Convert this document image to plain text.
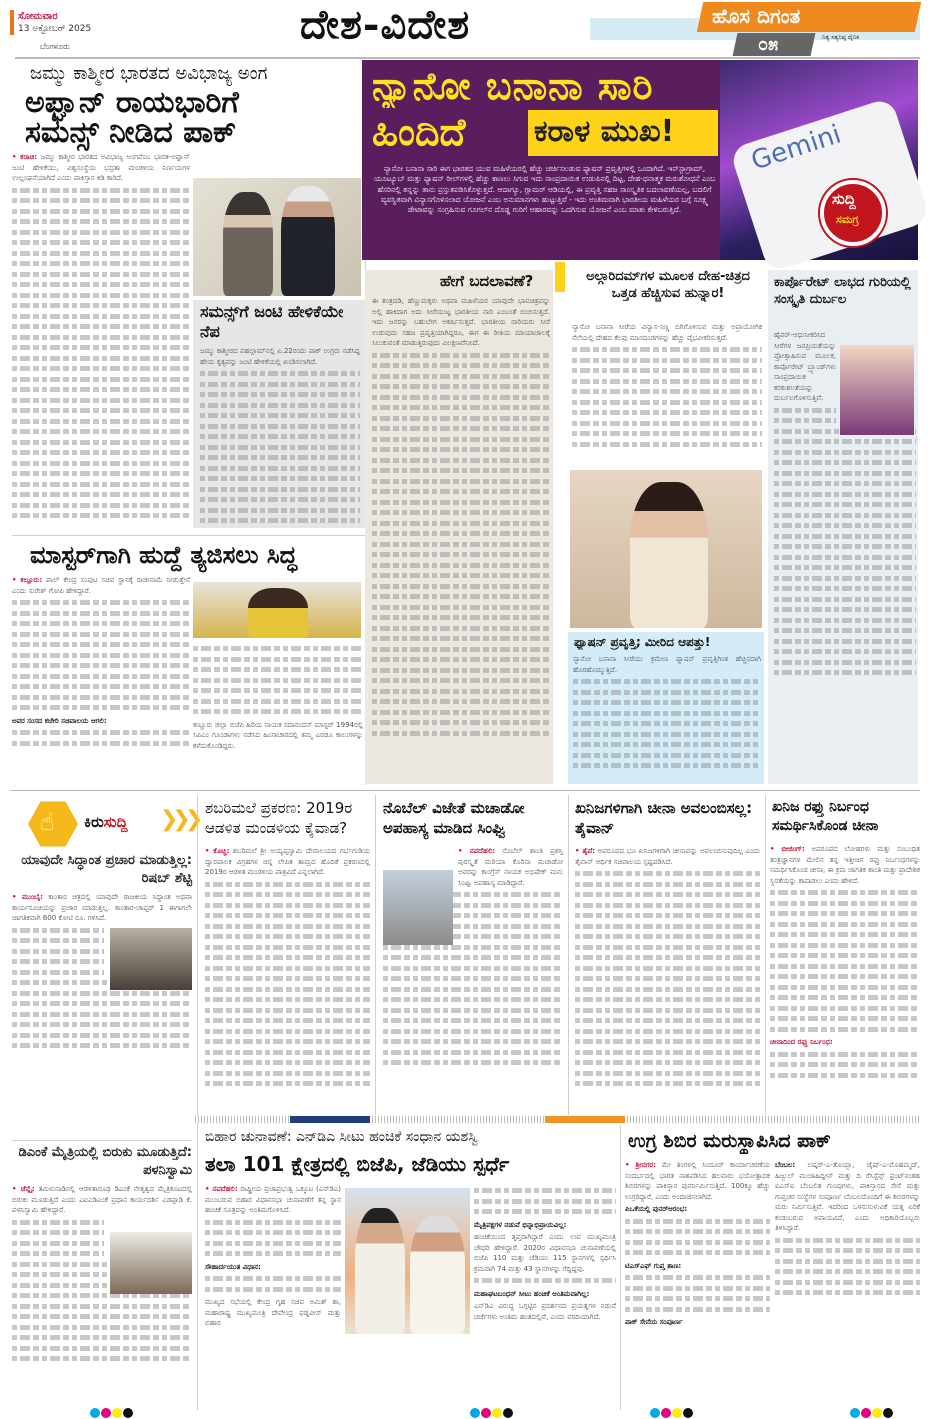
ಸೋಮವಾರ
13 ಅಕ್ಟೋಬರ್ 2025
ಬೆಂಗಳೂರು	ದೇಶ-ವಿದೇಶ	ಹೊಸ ದಿಗಂತ
೦೫	ನಿತ್ಯ ಸತ್ಯನಿಷ್ಠ ದೈನಿಕ
ಜಮ್ಮು ಕಾಶ್ಮೀರ ಭಾರತದ ಅವಿಭಾಜ್ಯ ಅಂಗ
ಅಫ್ಘಾನ್ ರಾಯಭಾರಿಗೆ
ಸಮನ್ಸ್ ನೀಡಿದ ಪಾಕ್

• ಕರಾಚಿ: ಜಮ್ಮು ಕಾಶ್ಮೀರ ಭಾರತದ ಅವಿಭಾಜ್ಯ ಅಂಗವೆಂಬ ಭಾರತ-ಅಫ್ಘಾನ್ ಜಂಟಿ ಹೇಳಿಕೆಯು, ವಿಶ್ವಸಂಸ್ಥೆಯ ಭದ್ರತಾ ಮಂಡಳಿಯ ನಿರ್ಣಯಗಳ ಉಲ್ಲಂಘನೆಯಾಗಿದೆ ಎಂದು ಪಾಕಿಸ್ತಾನ ಕಿಡಿ ಕಾರಿದೆ.

ಸಮನ್ಸ್‌ಗೆ ಜಂಟಿ ಹೇಳಿಕೆಯೇ ನೆಪ

ಜಮ್ಮು ಕಾಶ್ಮೀರದ ಪಹಲ್ಗಾಮ್‌ನಲ್ಲಿ ಏ.22ರಂದು ಪಾಕ್ ಉಗ್ರರು ನಡೆಸಿದ್ದ ಹೇಯ ಕೃತ್ಯವನ್ನು ಜಂಟಿ ಹೇಳಿಕೆಯಲ್ಲಿ ಖಂಡಿಸಲಾಗಿದೆ.

Gemini
ನ್ಯಾನೋ ಬನಾನಾ ಸಾರಿ
ಹಿಂದಿದೆ ಕರಾಳ ಮುಖ!
ನ್ಯಾನೋ ಬನಾನಾ ಸಾರಿ ಈಗ ಭಾರತದ ಯುವ ಮಹಿಳೆಯರಲ್ಲಿ ಹೆಚ್ಚು ಚರ್ಚಿಸಲಡುವ ಫ್ಯಾಷನ್ ಪ್ರವೃತ್ತಿಗಳಲ್ಲಿ ಒಂದಾಗಿದೆ. ಇನ್‌ಸ್ಟಾಗ್ರಾಮ್, ಯೂಟ್ಯೂಬ್ ಮತ್ತು ಫ್ಯಾಷನ್ ರೀಲ್‌ಗಳಲ್ಲಿ ಹೆಚ್ಚು ಕಾಣಲು ಸಿಗುವ ಇದು ಸಾಂಪ್ರದಾಯಿಕ ಉಡುಪಿನಲ್ಲಿ ದಿಟ್ಟ, ದೇಹ-ಧನಾತ್ಮಕ ಮರುಶೋಧನೆ ಎಂಬ ಹೆಸರಿನಲ್ಲಿ ತನ್ನನ್ನು ತಾನು ಪ್ರಸ್ತುತಪಡಿಸಿಕೊಳ್ಳುತ್ತದೆ. ಆದಾಗ್ಯೂ, ಗ್ಲಾಮರ್ ಆಡಿಯಲ್ಲಿ, ಈ ಪ್ರವೃತ್ತಿ ಸಹಜ ಸಾಂಸ್ಕೃತಿಕ ಬದಲಾವಣೆಯಲ್ಲ, ಬದಲಿಗೆ ವ್ಯವಸ್ಥಿತವಾಗಿ ವಿನ್ಯಾಸಗೊಳಿಸಲಾದ ಯೋಜನೆ ಎಂಬ ಅನುಮಾನಗಳು ಹುಟ್ಟುತ್ತಿವೆ - ಇದು ಅಂತಿಮವಾಗಿ ಭಾರತೀಯ ಮಹಿಳೆಯರ ಬಗ್ಗೆ ಸೂಕ್ಷ್ಮ ಡೇಟಾವನ್ನು ಸಂಗ್ರಹಿಸುವ ಗೂಗಲ್‌ನ ದೊಡ್ಡ ಗುರಿಗೆ ಆಹಾರವನ್ನು ಒದಗಿಸುವ ಯೋಜನೆ ಎಂಬ ಮಾತು ಕೇಳಿಬರುತ್ತಿದೆ.
ಸುದ್ದಿ
ಸಮಗ್ರ
ಹೇಗೆ ಬದಲಾವಣೆ?

ಈ ತಂತ್ರದಡಿ, ಹೆಣ್ಣುಮಕ್ಕಳು ಅಥವಾ ಮಹಿಳೆಯರ ಯಾವುದೇ ಭಾವಚಿತ್ರವನ್ನು ಅಲ್ಲಿ ಹಾಕಿದಾಗ ಅದು ಸೀರೆಯುಟ್ಟ ಭಾರತೀಯ ನಾರಿ ಎಂಬಂತೆ ಬಿಂಬಿಸುತ್ತದೆ. ಇದು ಜನರನ್ನು ಬಹುಬೇಗ ಆಕರ್ಷಿಸುತ್ತದೆ. ಭಾರತೀಯ ನಾರಿಯರು ಸೀರೆ ಉಡುವುದು ಸಹಜ ಪ್ರವೃತ್ತಿಯಾಗಿದ್ದರೂ, ಈಗ ಈ ರೀತಿಯ ಮಾಯಾಜಾಲಕ್ಕೆ ಸಿಲುಕುವಂತೆ ಮಾಡುತ್ತಿರುವುದು ವಿಲಕ್ಷಣವೆನಿಸಿದೆ.

ಅಲ್ಗಾರಿದಮ್‌ಗಳ ಮೂಲಕ ದೇಹ-ಚಿತ್ರದ ಒತ್ತಡ ಹೆಚ್ಚಿಸುವ ಹುನ್ನಾರ!

ನ್ಯಾನೋ ಬನಾನಾ ಸೀರೆಯ ವಿನ್ಯಾಸ-ಸಣ್ಣ ಬಿಗಿಗೊಳಿಸುವ ಮತ್ತು ಅಪ್ರಾಯೋಗಿಕ ನೆಲೆಯಲ್ಲಿ ದೇಹದ ಕೆಲವು ಮಾನದಂಡಗಳನ್ನು ಹೆಚ್ಚು ವೈಭವೀಕರಿಸುತ್ತದೆ.

ಫ್ಯಾಷನ್ ಪ್ರವೃತ್ತಿ; ಮೀರಿದ ಆಪತ್ತು!

ನ್ಯಾನೋ ಬನಾನಾ ಸೀರೆಯು ಕ್ರಮೇಣ ಫ್ಯಾಷನ್ ಪ್ರವೃತ್ತಿಗಿಂತ ಹೆಚ್ಚಿನದಾಗಿ ಹೊರಹೊಮ್ಮುತ್ತಿದೆ.

ಕಾರ್ಪೊರೇಟ್ ಲಾಭದ ಗುರಿಯಲ್ಲಿ ಸಂಸ್ಕೃತಿ ದುರ್ಬಲ

ಹೈಪರ್-ಆಧುನೀಕರಿಸಿದ ಸೀರೆಗಳ ಜನಪ್ರಿಯತೆಯನ್ನು ಪ್ರೋತ್ಸಾಹಿಸುವ ಮೂಲಕ, ಕಾರ್ಪೊರೇಟ್ ಬ್ರ್ಯಾಂಡ್‌ಗಳು ಸಾಂಪ್ರದಾಯಿಕ ಕರಕುಶಲತೆಯನ್ನು ದುರ್ಬಲಗೊಳಿಸುತ್ತಿವೆ.

ಮಾಸ್ಟರ್‌ಗಾಗಿ ಹುದ್ದೆ ತ್ಯಜಿಸಲು ಸಿದ್ಧ

• ಕಲ್ಲೂರು: ಪಾಲ್ ಕೇಂದ್ರ ಸಂಪುಟ ಸಚಿವ ಸ್ಥಾನಕ್ಕೆ ರಾಜೀನಾಮೆ ನೀಡುತ್ತೇನೆ ಎಂದು ಸುರೇಶ್ ಗೋಪಿ ಹೇಳಿದ್ದಾರೆ.

ಅವರ ಸಂಸದ ಕಚೇರಿ ಸಚಿವಾಲಯ ಆಗಲಿ:	ಕಣ್ಣೂರು ಜಿಲ್ಲಾ ಬಿಜೆಪಿ ಹಿರಿಯ ನಾಯಕ ಸದಾನಂದನ್ ಮಾಸ್ಟರ್ 1994ರಲ್ಲಿ ಸಿಪಿಎಂ ಗೂಂಡಾಗಳು ನಡೆಸಿದ ಹಿಂಸಾಚಾರದಲ್ಲಿ ತಮ್ಮ ಎರಡೂ ಕಾಲುಗಳನ್ನು ಕಳೆದುಕೊಂಡಿದ್ದರು.

☝ ಕಿರುಸುದ್ದಿ ❯❯❯
ಯಾವುದೇ ಸಿದ್ಧಾಂತ ಪ್ರಚಾರ ಮಾಡುತ್ತಿಲ್ಲ: ರಿಷಬ್ ಶೆಟ್ಟಿ

• ಮುಂಬೈ: ಕಾಂತಾರ ಚಿತ್ರದಲ್ಲಿ ಯಾವುದೇ ರಾಜಕೀಯ ಸಿದ್ಧಾಂತ ಅಥವಾ ಕಾರ್ಯಸೂಚಿಯನ್ನು ಪ್ರಚಾರ ಮಾಡುತ್ತಿಲ್ಲ. ಕಾಂತಾರ-ಚಾಪ್ಟರ್ 1 ಈಗಾಗಲೇ ಜಾಗತಿಕವಾಗಿ 600 ಕೋಟಿ ರೂ. ಗಳಿಸಿದೆ.

ಡಿಎಂಕೆ ಮೈತ್ರಿಯಲ್ಲಿ ಬಿರುಕು ಮೂಡುತ್ತಿದೆ: ಪಳನಿಸ್ವಾಮಿ

• ಚೆನ್ನೈ: ತಮಿಳುನಾಡಿನಲ್ಲಿ ಆಡಳಿತಾರೂಢ ಡಿಎಂಕೆ ನೇತೃತ್ವದ ಮೈತ್ರಿಕೂಟದಲ್ಲಿ ಬಿರುಕು ಮೂಡುತ್ತಿದೆ ಎಂದು ಎಐಎಡಿಎಂಕೆ ಪ್ರಧಾನ ಕಾರ್ಯದರ್ಶಿ ಎಡಪ್ಪಾಡಿ ಕೆ. ಪಳನಿಸ್ವಾಮಿ ಹೇಳಿದ್ದಾರೆ.

ಶಬರಿಮಲೆ ಪ್ರಕರಣ: 2019ರ ಆಡಳಿತ ಮಂಡಳಿಯ ಕೈವಾಡ?

• ಕೊಚ್ಚಿ: ಶಬರಿಮಲೆ ಶ್ರೀ ಅಯ್ಯಪ್ಪಸ್ವಾಮಿ ದೇವಾಲಯದ ಗರ್ಭಗುಡಿಯ ದ್ವಾರಪಾಲಕ ವಿಗ್ರಹಗಳ ಚಿನ್ನ ಲೇಪಿತ ತಾಮ್ರದ ಹೊದಿಕೆ ಪ್ರಕರಣದಲ್ಲಿ 2019ರ ಆಡಳಿತ ಮಂಡಳಿಯ ಪಾತ್ರವಿದೆ ಎನ್ನಲಾಗಿದೆ.

ನೊಬೆಲ್ ವಿಜೇತೆ ಮಚಾಡೋ ಅಪಹಾಸ್ಯ ಮಾಡಿದ ಸಿಂಘ್ವಿ

• ನವದೆಹಲಿ: ನೊಬೆಲ್ ಶಾಂತಿ ಪ್ರಶಸ್ತಿ ಪುರಸ್ಕೃತೆ ಮರಿಯಾ ಕೊರಿನಾ ಮಚಾಡೋ ಅವರನ್ನು ಕಾಂಗ್ರೆಸ್ ನಾಯಕ ಅಭಿಷೇಕ್ ಮನು ಸಿಂಘ್ವಿ ಅಪಹಾಸ್ಯ ಮಾಡಿದ್ದಾರೆ.

ಖನಿಜಗಳಿಗಾಗಿ ಚೀನಾ ಅವಲಂಬಿಸಲ್ಲ: ತೈವಾನ್

• ತೈಪೆ: ಅಪರೂಪದ ಭೂ ಖನಿಜಗಳಿಗಾಗಿ ಚೀನಾವನ್ನು ಅವಲಂಬಿಸುವುದಿಲ್ಲ ಎಂದು ತೈವಾನ್ ಆರ್ಥಿಕ ಸಚಿವಾಲಯ ಸ್ಪಷ್ಟಪಡಿಸಿದೆ.

ಖನಿಜ ರಫ್ತು ನಿರ್ಬಂಧ ಸಮರ್ಥಿಸಿಕೊಂಡ ಚೀನಾ

• ಬೀಜಿಂಗ್: ಅಪರೂಪದ ಲೋಹಗಳು ಮತ್ತು ಸಂಬಂಧಿತ ತಂತ್ರಜ್ಞಾನಗಳ ಮೇಲಿನ ತನ್ನ ಇತ್ತೀಚಿನ ರಫ್ತು ನಿರ್ಬಂಧಗಳನ್ನು ಸಮರ್ಥಿಸಿಕೊಂಡ ಚೀನಾ, ಈ ಕ್ರಮ ಜಾಗತಿಕ ಶಾಂತಿ ಮತ್ತು ಪ್ರಾದೇಶಿಕ ಸ್ಥಿರತೆಯನ್ನು ಕಾಪಾಡಲು ಎಂದು ಹೇಳಿದೆ.

ಚೀನಾದಿಂದ ರಫ್ತು ನಿರ್ಬಂಧ:

ಬಿಹಾರ ಚುನಾವಣೆ: ಎನ್‌ಡಿಎ ಸೀಟು ಹಂಚಿಕೆ ಸಂಧಾನ ಯಶಸ್ವಿ
ತಲಾ 101 ಕ್ಷೇತ್ರದಲ್ಲಿ ಬಿಜೆಪಿ, ಜೆಡಿಯು ಸ್ಪರ್ಧೆ

• ನವದೆಹಲಿ: ರಾಷ್ಟ್ರೀಯ ಪ್ರಜಾಪ್ರಭುತ್ವ ಒಕ್ಕೂಟ (ಎನ್‌ಡಿಎ) ಮುಂಬರುವ ಬಿಹಾರ ವಿಧಾನಸಭಾ ಚುನಾವಣೆಗೆ ತನ್ನ ಸ್ಥಾನ ಹಂಚಿಕೆ ಸೂತ್ರವನ್ನು ಅಂತಿಮಗೊಳಿಸಿದೆ.

ಸೌಹಾರ್ದಯುತ ವಿಧಾನ:

ಮುಖ್ಯದ ಸಭೆಯಲ್ಲಿ ಕೇಂದ್ರ ಗೃಹ ಸಚಿವ ಅಮಿತ್ ಶಾ, ಮಹಾರಾಷ್ಟ್ರ ಮುಖ್ಯಮಂತ್ರಿ ದೇವೇಂದ್ರ ಫಡ್ನವೀಸ್ ಮತ್ತು ಬಿಹಾರ

ಮೈತ್ರಿಪಕ್ಷಗಳ ನಡುವೆ ಭಿನ್ನಾಭಿಪ್ರಾಯವಿಲ್ಲ:

ಹಂಚಿಕೆಯಿಂದ ತೃಪ್ತರಾಗಿದ್ದಾರೆ ಎಂದು ಉಪ ಮುಖ್ಯಮಂತ್ರಿ ಚೌಧರಿ ಹೇಳಿದ್ದಾರೆ. 2020ರ ವಿಧಾನಸಭಾ ಚುನಾವಣೆಯಲ್ಲಿ ಬಿಜೆಪಿ 110 ಮತ್ತು ಜೆಡಿಯು 115 ಸ್ಥಾನಗಳಲ್ಲಿ ಸ್ಪರ್ಧಿಸಿ ಕ್ರಮವಾಗಿ 74 ಮತ್ತು 43 ಸ್ಥಾನಗಳನ್ನು ಗೆದ್ದಿದ್ದವು.

ಮಹಾಘಟಬಂಧನ್ ಸೀಟು ಹಂಚಿಕೆ ಅಂತಿಮವಾಗಿಲ್ಲ:

ಎನ್‌ಡಿಎ ವಿರುದ್ಧ ಒಗ್ಗಟ್ಟಿನ ಪ್ರದರ್ಶನದ ಪ್ರಯತ್ನಗಳ ನಡುವೆ ಚರ್ಚೆಗಳು ಅಂತಿಮ ಹಂತದಲ್ಲಿವೆ, ಎಂದು ವರದಿಯಾಗಿದೆ.

ಉಗ್ರ ಶಿಬಿರ ಮರುಸ್ಥಾಪಿಸಿದ ಪಾಕ್

• ಶ್ರೀನಗರ: ಮೇ ತಿಂಗಳಲ್ಲಿ ಸಿಂದೂರ್ ಕಾರ್ಯಾಚರಣೆಯ ಸಂದರ್ಭದಲ್ಲಿ ಭಾರತ ನಾಶಪಡಿಸಿದ ಹಲವಾರು ಭಯೋತ್ಪಾದಕ ಶಿಬಿರಗಳನ್ನು ಪಾಕಿಸ್ತಾನ ಪುನರ್ನಿರ್ಮಿಸುತ್ತಿದೆ. 100ಕ್ಕೂ ಹೆಚ್ಚು ಉಗ್ರರಿದ್ದಾರೆ, ಎಂದು ಅಂದಾಜಿಸಲಾಗಿದೆ.

ಪಿಒಕೆಯಲ್ಲಿ ಪುನರ್‌ಆರಂಭ:

ಟಿಎಸ್‌ಎಫ್ ಗುಪ್ತ ತಾಣ:

ಪಾಕ್ ಸೇನೆಯ ಸಂಪೂರ್ಣ

ಬೆಂಬಲ: ಲಷ್ಕರ್-ಎ-ತೊಯ್ಬಾ, ಜೈಷ್-ಎ-ಮೊಹಮ್ಮದ್, ಹಿಜ್ಬುಲ್ ಮುಜಾಹಿದ್ದೀನ್ ಮತ್ತು ದಿ ರೆಸಿಸ್ಟೆನ್ಸ್ ಫ್ರಂಟ್‌ನಂತಹ ಐಎಸ್‌ಐ ಬೆಂಬಲಿತ ಗುಂಪುಗಳು, ಪಾಕಿಸ್ತಾನದ ಸೇನೆ ಮತ್ತು ಗುಪ್ತಚರ ಸಂಸ್ಥೆಗಳ ಸಂಪೂರ್ಣ ಬೆಂಬಲದೊಂದಿಗೆ ಈ ಶಿಬಿರಗಳನ್ನು ಮರು ನಿರ್ಮಿಸುತ್ತಿವೆ. ಇದರಿಂದ ಒಳನುಸುಳುವಿಕೆ ಯತ್ನ ಏರಿಕೆ ಕಂಡುಬರುವ ಅಪಾಯವಿದೆ, ಎಂದು ಅಧಿಕಾರಿಯೊಬ್ಬರು ತಿಳಿಸಿದ್ದಾರೆ.
